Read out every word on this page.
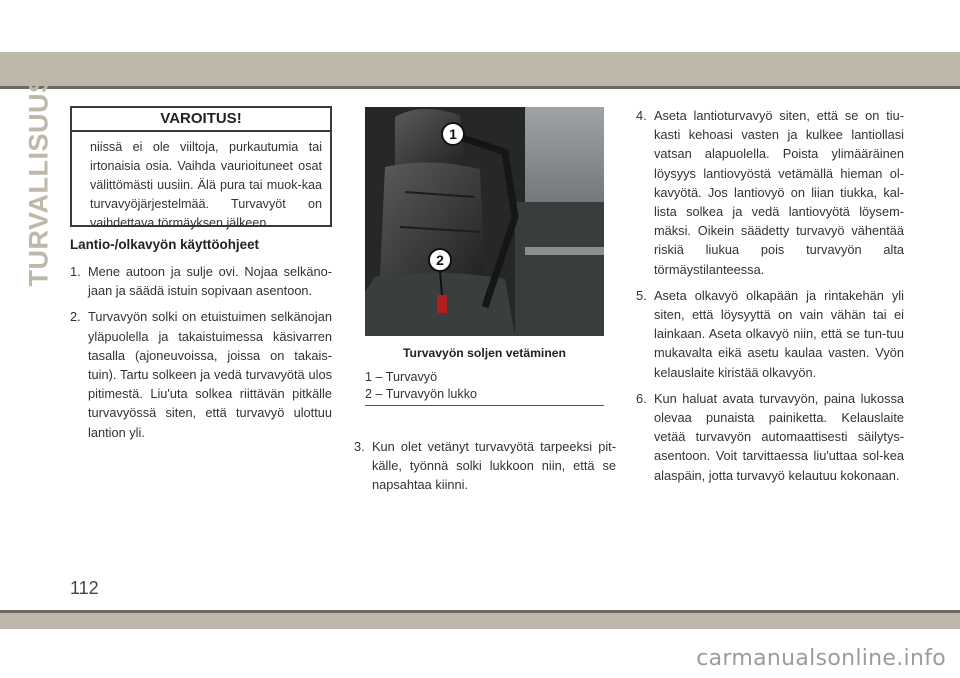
TURVALLISUUS	VAROITUS!
niissä ei ole viiltoja, purkautumia tai irtonaisia osia. Vaihda vaurioituneet osat välittömästi uusiin. Älä pura tai muok-kaa turvavyöjärjestelmää. Turvavyöt on vaihdettava törmäyksen jälkeen.
Lantio-/olkavyön käyttöohjeet
1. Mene autoon ja sulje ovi. Nojaa selkäno-jaan ja säädä istuin sopivaan asentoon.
2. Turvavyön solki on etuistuimen selkänojan yläpuolella ja takaistuimessa käsivarren tasalla (ajoneuvoissa, joissa on takais-tuin). Tartu solkeen ja vedä turvavyötä ulos pitimestä. Liu'uta solkea riittävän pitkälle turvavyössä siten, että turvavyö ulottuu lantion yli.
1
2
Turvavyön soljen vetäminen
1 – Turvavyö
2 – Turvavyön lukko
3. Kun olet vetänyt turvavyötä tarpeeksi pit-källe, työnnä solki lukkoon niin, että se napsahtaa kiinni.
4. Aseta lantioturvavyö siten, että se on tiu-kasti kehoasi vasten ja kulkee lantiollasi vatsan alapuolella. Poista ylimääräinen löysyys lantiovyöstä vetämällä hieman ol-kavyötä. Jos lantiovyö on liian tiukka, kal-lista solkea ja vedä lantiovyötä löysem-mäksi. Oikein säädetty turvavyö vähentää riskiä liukua pois turvavyön alta törmäystilanteessa.
5. Aseta olkavyö olkapään ja rintakehän yli siten, että löysyyttä on vain vähän tai ei lainkaan. Aseta olkavyö niin, että se tun-tuu mukavalta eikä asetu kaulaa vasten. Vyön kelauslaite kiristää olkavyön.
6. Kun haluat avata turvavyön, paina lukossa olevaa punaista painiketta. Kelauslaite vetää turvavyön automaattisesti säilytys-asentoon. Voit tarvittaessa liu'uttaa sol-kea alaspäin, jotta turvavyö kelautuu kokonaan.
112
carmanualsonline.info
